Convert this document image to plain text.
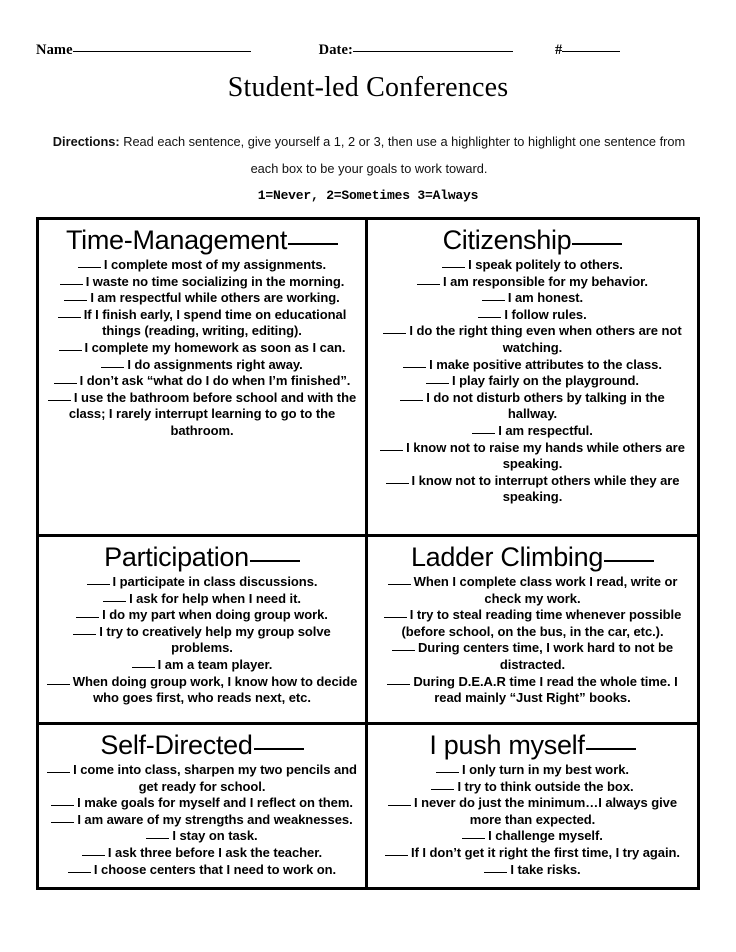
Name	Date:	#
Student-led Conferences
Directions: Read each sentence, give yourself a 1, 2 or 3, then use a highlighter to highlight one sentence from each box to be your goals to work toward.
1=Never, 2=Sometimes 3=Always
Time-Management
I complete most of my assignments.
I waste no time socializing in the morning.
I am respectful while others are working.
If I finish early, I spend time on educational things (reading, writing, editing).
I complete my homework as soon as I can.
I do assignments right away.
I don’t ask “what do I do when I’m finished”.
I use the bathroom before school and with the class; I rarely interrupt learning to go to the bathroom.
Citizenship
I speak politely to others.
I am responsible for my behavior.
I am honest.
I follow rules.
I do the right thing even when others are not watching.
I make positive attributes to the class.
I play fairly on the playground.
I do not disturb others by talking in the hallway.
I am respectful.
I know not to raise my hands while others are speaking.
I know not to interrupt others while they are speaking.
Participation
I participate in class discussions.
I ask for help when I need it.
I do my part when doing group work.
I try to creatively help my group solve problems.
I am a team player.
When doing group work, I know how to decide who goes first, who reads next, etc.
Ladder Climbing
When I complete class work I read, write or check my work.
I try to steal reading time whenever possible (before school, on the bus, in the car, etc.).
During centers time, I work hard to not be distracted.
During D.E.A.R time I read the whole time. I read mainly “Just Right” books.
Self-Directed
I come into class, sharpen my two pencils and get ready for school.
I make goals for myself and I reflect on them.
I am aware of my strengths and weaknesses.
I stay on task.
I ask three before I ask the teacher.
I choose centers that I need to work on.
I push myself
I only turn in my best work.
I try to think outside the box.
I never do just the minimum…I always give more than expected.
I challenge myself.
If I don’t get it right the first time, I try again.
I take risks.
